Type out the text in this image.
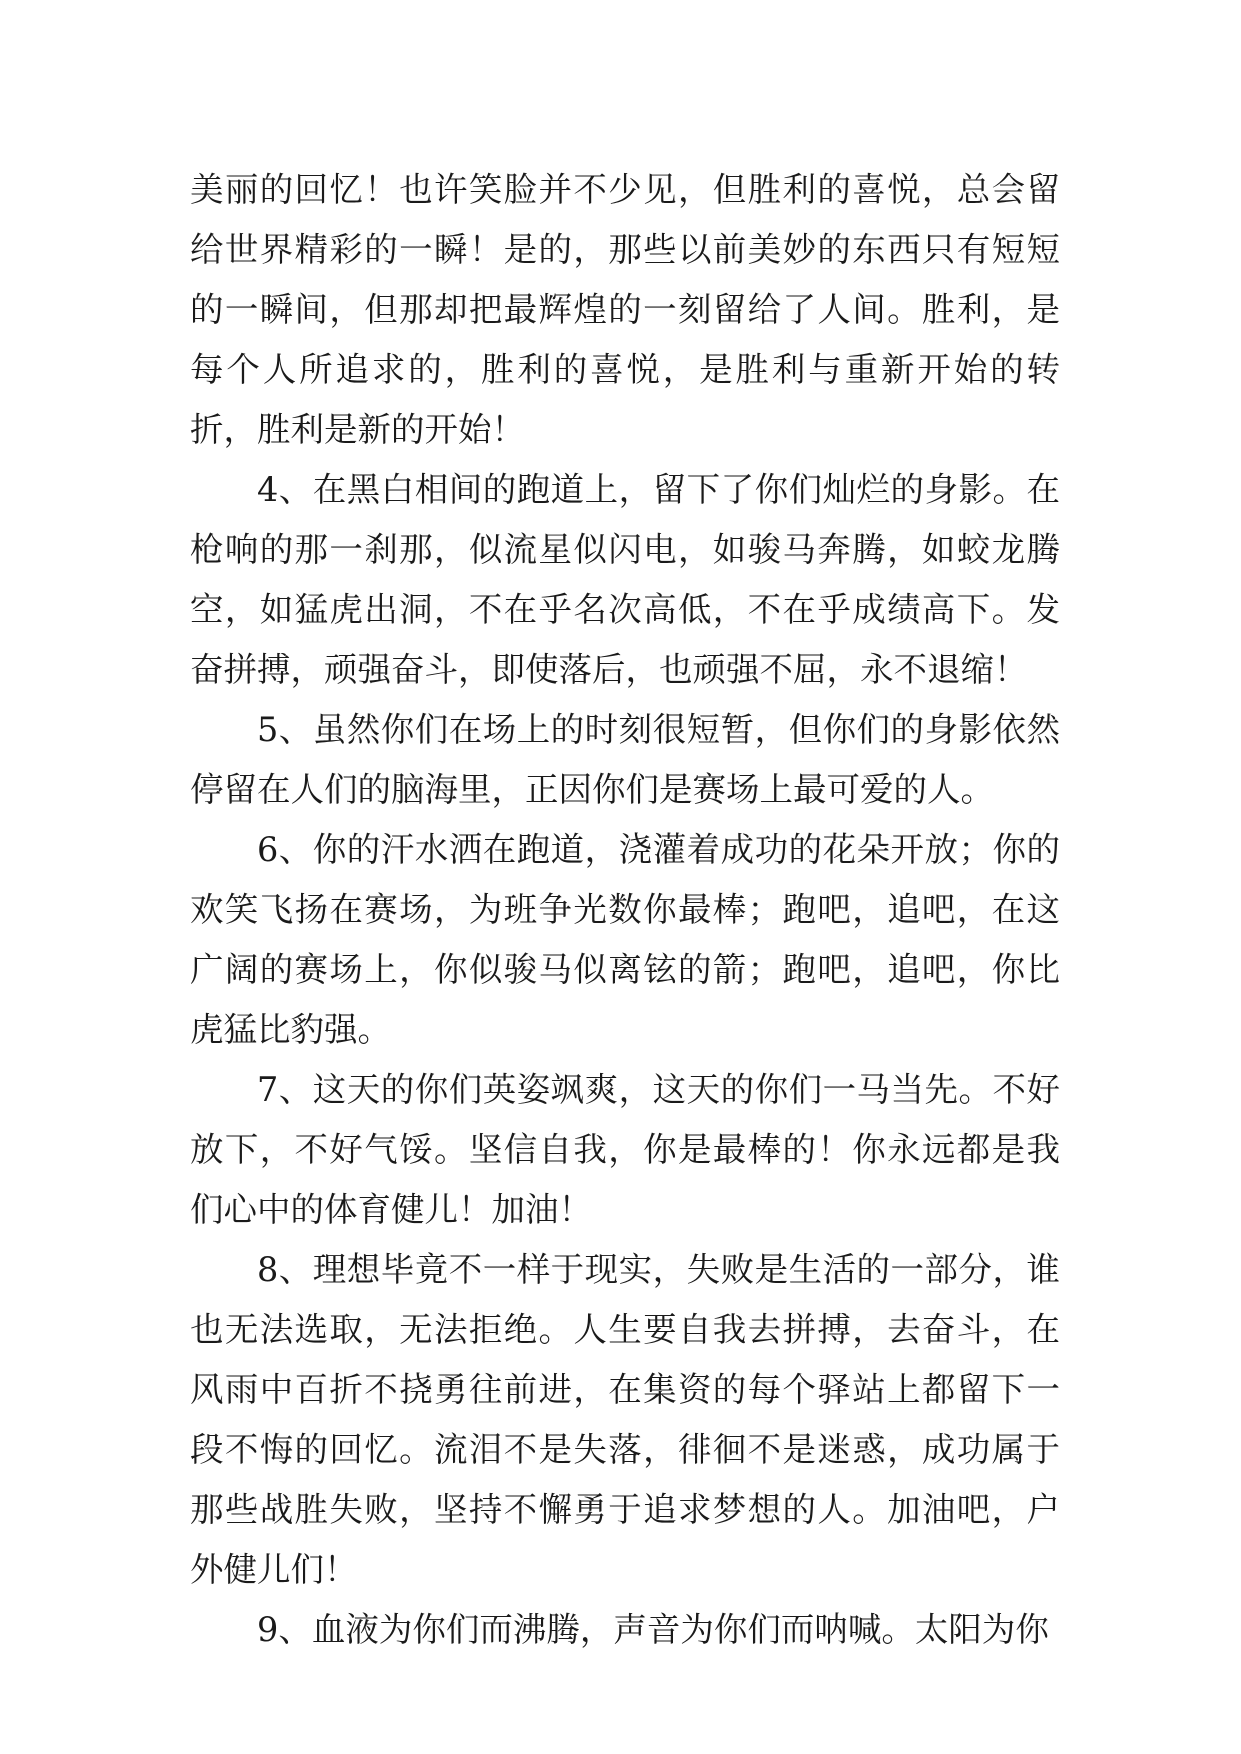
美丽的回忆！也许笑脸并不少见，但胜利的喜悦，总会留给世界精彩的一瞬！是的，那些以前美妙的东西只有短短的一瞬间，但那却把最辉煌的一刻留给了人间。胜利，是每个人所追求的，胜利的喜悦，是胜利与重新开始的转折，胜利是新的开始！

4、在黑白相间的跑道上，留下了你们灿烂的身影。在枪响的那一刹那，似流星似闪电，如骏马奔腾，如蛟龙腾空，如猛虎出洞，不在乎名次高低，不在乎成绩高下。发奋拼搏，顽强奋斗，即使落后，也顽强不屈，永不退缩！

5、虽然你们在场上的时刻很短暂，但你们的身影依然停留在人们的脑海里，正因你们是赛场上最可爱的人。

6、你的汗水洒在跑道，浇灌着成功的花朵开放；你的欢笑飞扬在赛场，为班争光数你最棒；跑吧，追吧，在这广阔的赛场上，你似骏马似离铉的箭；跑吧，追吧，你比虎猛比豹强。

7、这天的你们英姿飒爽，这天的你们一马当先。不好放下，不好气馁。坚信自我，你是最棒的！你永远都是我们心中的体育健儿！加油！

8、理想毕竟不一样于现实，失败是生活的一部分，谁也无法选取，无法拒绝。人生要自我去拼搏，去奋斗，在风雨中百折不挠勇往前进，在集资的每个驿站上都留下一段不悔的回忆。流泪不是失落，徘徊不是迷惑，成功属于那些战胜失败，坚持不懈勇于追求梦想的人。加油吧，户外健儿们！

9、血液为你们而沸腾，声音为你们而呐喊。太阳为你
